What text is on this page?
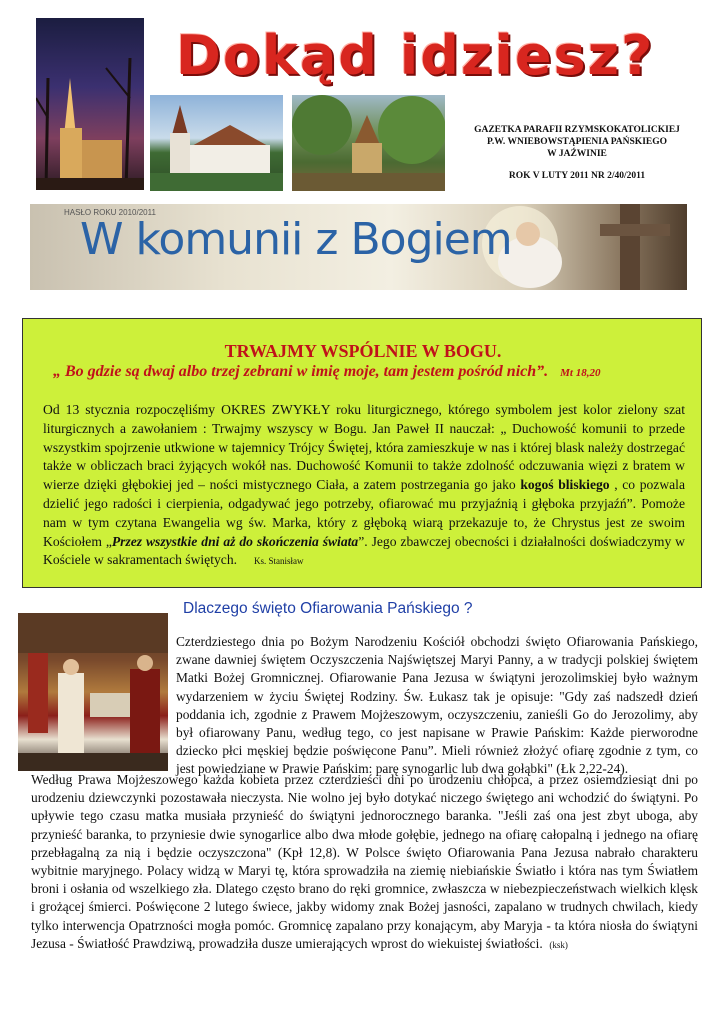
Dokąd idziesz?
GAZETKA PARAFII RZYMSKOKATOLICKIEJ
P.W. WNIEBOWSTĄPIENIA PAŃSKIEGO
W JAŹWINIE
ROK V LUTY 2011 NR 2/40/2011
HASŁO ROKU 2010/2011
W komunii z Bogiem
TRWAJMY WSPÓLNIE W BOGU.
„ Bo gdzie są dwaj albo trzej zebrani w imię moje, tam jestem pośród nich”. Mt 18,20
Od 13 stycznia rozpoczęliśmy OKRES ZWYKŁY roku liturgicznego, którego symbolem jest kolor zielony szat liturgicznych a zawołaniem : Trwajmy wszyscy w Bogu. Jan Paweł II nauczał: „ Duchowość komunii to przede wszystkim spojrzenie utkwione w tajemnicy Trójcy Świętej, która zamieszkuje w nas i której blask należy dostrzegać także w obliczach braci żyjących wokół nas. Duchowość Komunii to także zdolność odczuwania więzi z bratem w wierze dzięki głębokiej jed – ności mistycznego Ciała, a zatem postrzegania go jako kogoś bliskiego , co pozwala dzielić jego radości i cierpienia, odgadywać jego potrzeby, ofiarować mu przyjaźnią i głęboka przyjaźń”. Pomoże nam w tym czytana Ewangelia wg św. Marka, który z głęboką wiarą przekazuje to, że Chrystus jest ze swoim Kościołem „Przez wszystkie dni aż do skończenia świata”. Jego zbawczej obecności i działalności doświadczymy w Kościele w sakramentach świętych. Ks. Stanisław
Dlaczego święto Ofiarowania Pańskiego ?
Czterdziestego dnia po Bożym Narodzeniu Kościół obchodzi święto Ofiarowania Pańskiego, zwane dawniej świętem Oczyszczenia Najświętszej Maryi Panny, a w tradycji polskiej świętem Matki Bożej Gromnicznej. Ofiarowanie Pana Jezusa w świątyni jerozolimskiej było ważnym wydarzeniem w życiu Świętej Rodziny. Św. Łukasz tak je opisuje: "Gdy zaś nadszedł dzień poddania ich, zgodnie z Prawem Mojżeszowym, oczyszczeniu, zanieśli Go do Jerozolimy, aby był ofiarowany Panu, według tego, co jest napisane w Prawie Pańskim: Każde pierworodne dziecko płci męskiej będzie poświęcone Panu”. Mieli również złożyć ofiarę zgodnie z tym, co jest powiedziane w Prawie Pańskim: parę synogarlic lub dwa gołąbki" (Łk 2,22-24).
Według Prawa Mojżeszowego każda kobieta przez czterdzieści dni po urodzeniu chłopca, a przez osiemdziesiąt dni po urodzeniu dziewczynki pozostawała nieczysta. Nie wolno jej było dotykać niczego świętego ani wchodzić do świątyni. Po upływie tego czasu matka musiała przynieść do świątyni jednorocznego baranka. "Jeśli zaś ona jest zbyt uboga, aby przynieść baranka, to przyniesie dwie synogarlice albo dwa młode gołębie, jednego na ofiarę całopalną i jednego na ofiarę przebłagalną za nią i będzie oczyszczona" (Kpł 12,8). W Polsce święto Ofiarowania Pana Jezusa nabrało charakteru wybitnie maryjnego. Polacy widzą w Maryi tę, która sprowadziła na ziemię niebiańskie Światło i która nas tym Światłem broni i osłania od wszelkiego zła. Dlatego często brano do ręki gromnice, zwłaszcza w niebezpieczeństwach wielkich klęsk i grożącej śmierci. Poświęcone 2 lutego świece, jakby widomy znak Bożej jasności, zapalano w trudnych chwilach, kiedy tylko interwencja Opatrzności mogła pomóc. Gromnicę zapalano przy konającym, aby Maryja - ta która niosła do świątyni Jezusa - Światłość Prawdziwą, prowadziła dusze umierających wprost do wiekuistej światłości. (ksk)
